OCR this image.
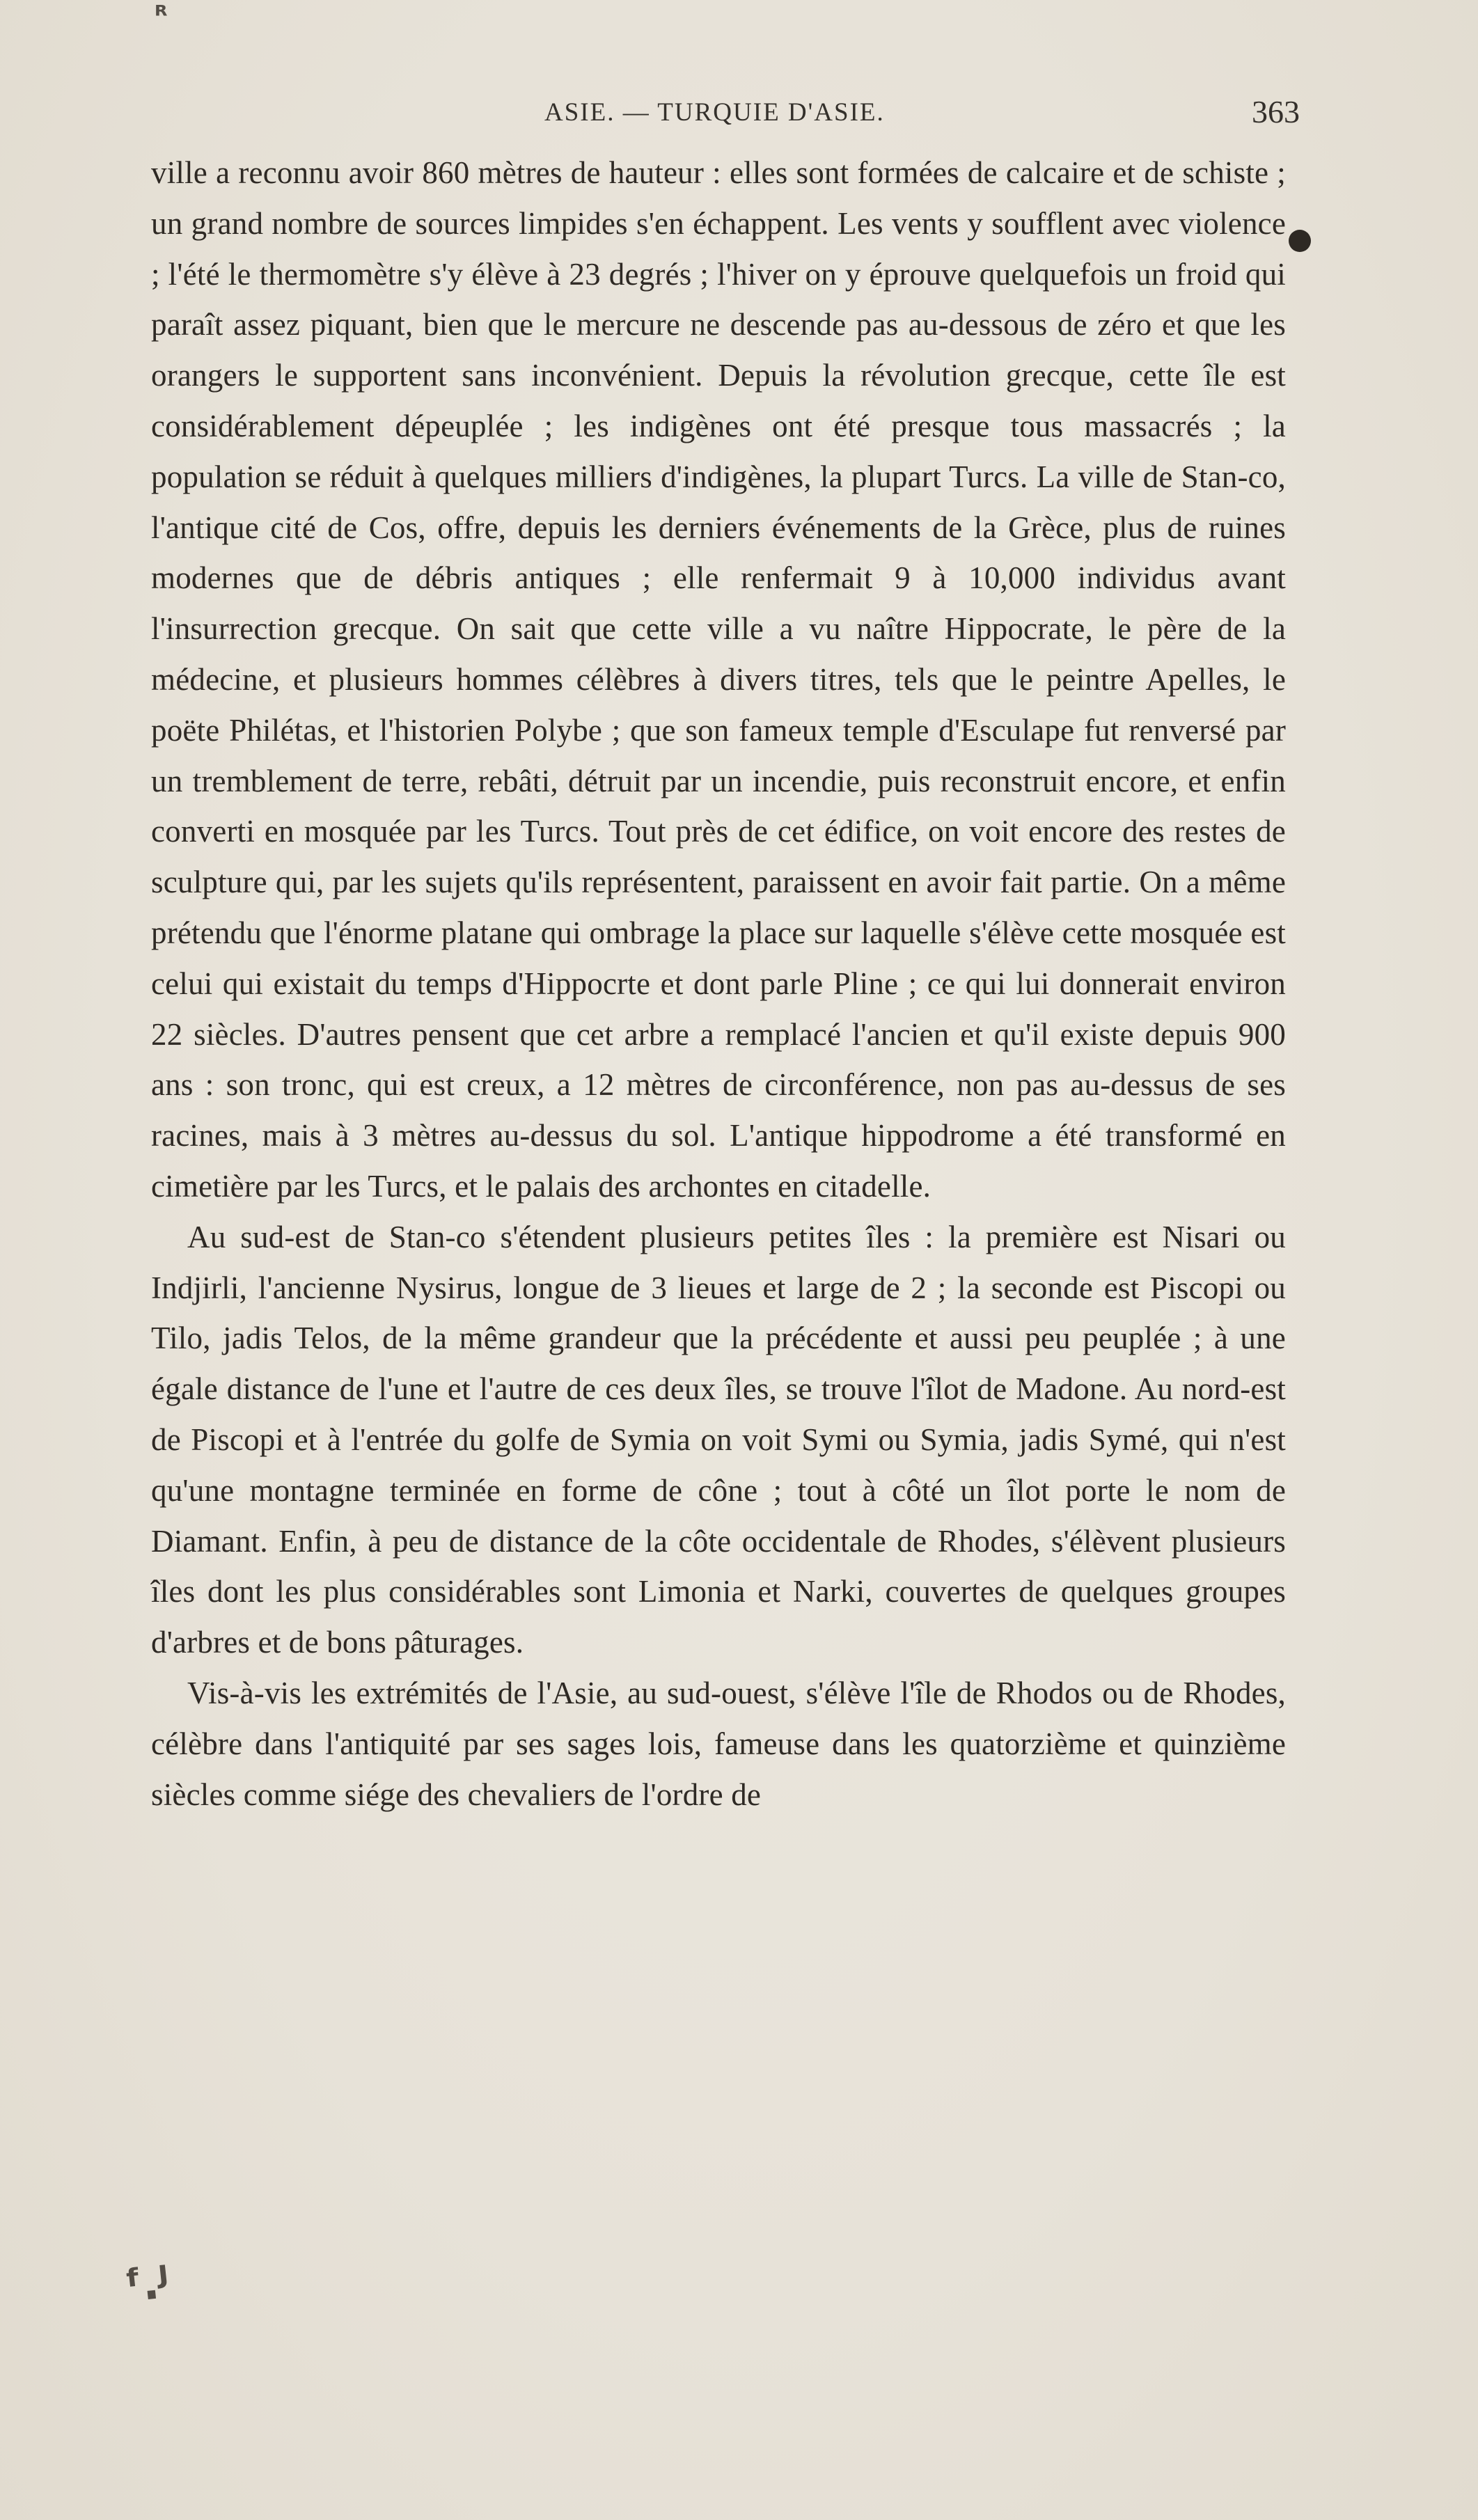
ᴿ
ASIE. — TURQUIE D'ASIE.	363

ville a reconnu avoir 860 mètres de hauteur : elles sont formées de calcaire et de schiste ; un grand nombre de sources limpides s'en échappent. Les vents y soufflent avec violence ; l'été le thermomètre s'y élève à 23 degrés ; l'hiver on y éprouve quelquefois un froid qui paraît assez piquant, bien que le mercure ne descende pas au-dessous de zéro et que les orangers le supportent sans inconvénient. Depuis la révolution grecque, cette île est considérablement dépeuplée ; les indigènes ont été presque tous massacrés ; la population se réduit à quelques milliers d'indigènes, la plupart Turcs. La ville de Stan-co, l'antique cité de Cos, offre, depuis les derniers événements de la Grèce, plus de ruines modernes que de débris antiques ; elle renfermait 9 à 10,000 individus avant l'insurrection grecque. On sait que cette ville a vu naître Hippocrate, le père de la médecine, et plusieurs hommes célèbres à divers titres, tels que le peintre Apelles, le poëte Philétas, et l'historien Polybe ; que son fameux temple d'Esculape fut renversé par un tremblement de terre, rebâti, détruit par un incendie, puis reconstruit encore, et enfin converti en mosquée par les Turcs. Tout près de cet édifice, on voit encore des restes de sculpture qui, par les sujets qu'ils représentent, paraissent en avoir fait partie. On a même prétendu que l'énorme platane qui ombrage la place sur laquelle s'élève cette mosquée est celui qui existait du temps d'Hippocrte et dont parle Pline ; ce qui lui donnerait environ 22 siècles. D'autres pensent que cet arbre a remplacé l'ancien et qu'il existe depuis 900 ans : son tronc, qui est creux, a 12 mètres de circonférence, non pas au-dessus de ses racines, mais à 3 mètres au-dessus du sol. L'antique hippodrome a été transformé en cimetière par les Turcs, et le palais des archontes en citadelle.

Au sud-est de Stan-co s'étendent plusieurs petites îles : la première est Nisari ou Indjirli, l'ancienne Nysirus, longue de 3 lieues et large de 2 ; la seconde est Piscopi ou Tilo, jadis Telos, de la même grandeur que la précédente et aussi peu peuplée ; à une égale distance de l'une et l'autre de ces deux îles, se trouve l'îlot de Madone. Au nord-est de Piscopi et à l'entrée du golfe de Symia on voit Symi ou Symia, jadis Symé, qui n'est qu'une montagne terminée en forme de cône ; tout à côté un îlot porte le nom de Diamant. Enfin, à peu de distance de la côte occidentale de Rhodes, s'élèvent plusieurs îles dont les plus considérables sont Limonia et Narki, couvertes de quelques groupes d'arbres et de bons pâturages.

Vis-à-vis les extrémités de l'Asie, au sud-ouest, s'élève l'île de Rhodos ou de Rhodes, célèbre dans l'antiquité par ses sages lois, fameuse dans les quatorzième et quinzième siècles comme siége des chevaliers de l'ordre de

ᶠ.ᴶ
